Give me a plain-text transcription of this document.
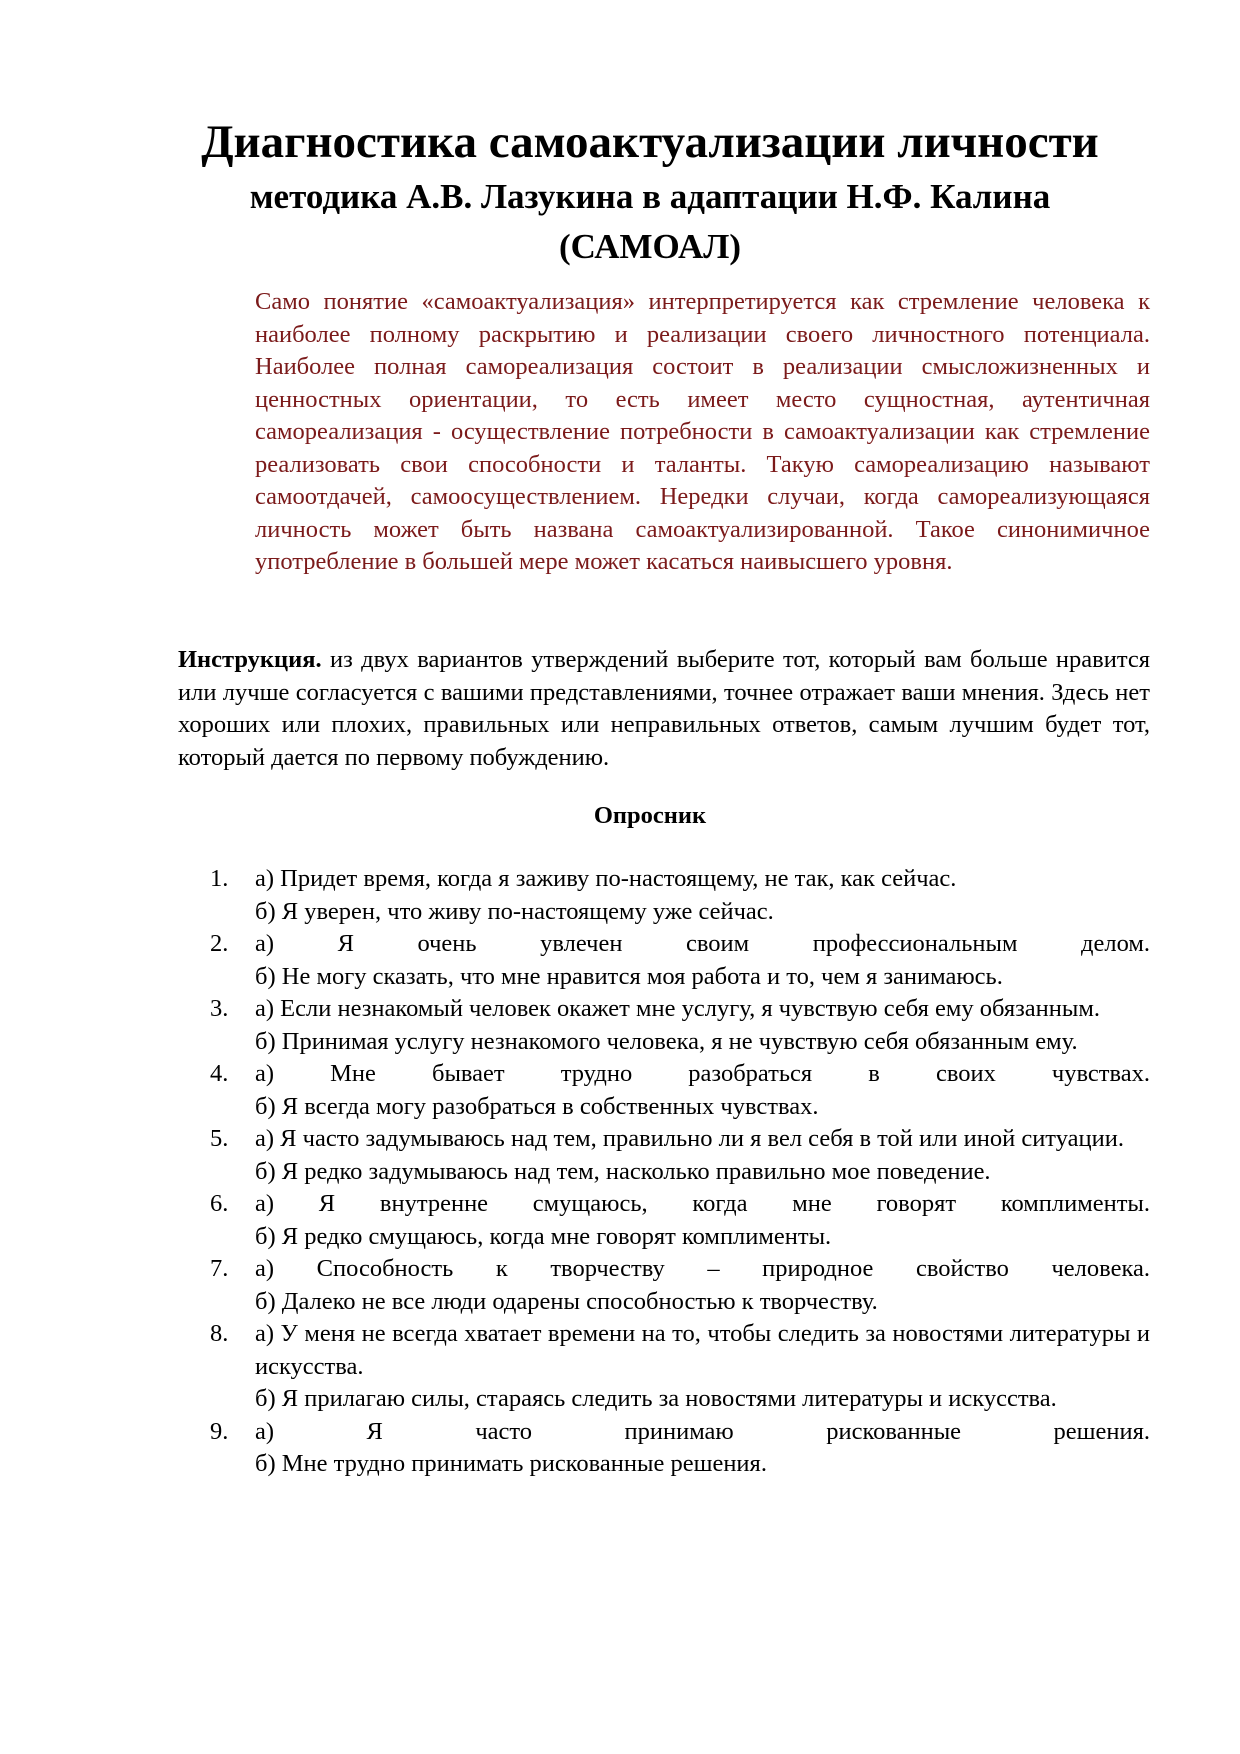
Диагностика самоактуализации личности
методика А.В. Лазукина в адаптации Н.Ф. Калина
(САМОАЛ)

Само понятие «самоактуализация» интерпретируется как стремление человека к наиболее полному раскрытию и реализации своего личностного потенциала. Наиболее полная самореализация состоит в реализации смысложизненных и ценностных ориентации, то есть имеет место сущностная, аутентичная самореализация - осуществление потребности в самоактуализации как стремление реализовать свои способности и таланты. Такую самореализацию называют самоотдачей, самоосуществлением. Нередки случаи, когда самореализующаяся личность может быть названа самоактуализированной. Такое синонимичное употребление в большей мере может касаться наивысшего уровня.

Инструкция. из двух вариантов утверждений выберите тот, который вам больше нравится или лучше согласуется с вашими представлениями, точнее отражает ваши мнения. Здесь нет хороших или плохих, правильных или неправильных ответов, самым лучшим будет тот, который дается по первому побуждению.

Опросник
1.	а) Придет время, когда я заживу по-настоящему, не так, как сейчас.
б) Я уверен, что живу по-настоящему уже сейчас.
2.	а) Я очень увлечен своим профессиональным делом.
б) Не могу сказать, что мне нравится моя работа и то, чем я занимаюсь.
3.	а) Если незнакомый человек окажет мне услугу, я чувствую себя ему обязанным.
б) Принимая услугу незнакомого человека, я не чувствую себя обязанным ему.
4.	а) Мне бывает трудно разобраться в своих чувствах.
б) Я всегда могу разобраться в собственных чувствах.
5.	а) Я часто задумываюсь над тем, правильно ли я вел себя в той или иной ситуации.
б) Я редко задумываюсь над тем, насколько правильно мое поведение.
6.	а) Я внутренне смущаюсь, когда мне говорят комплименты.
б) Я редко смущаюсь, когда мне говорят комплименты.
7.	а) Способность к творчеству – природное свойство человека.
б) Далеко не все люди одарены способностью к творчеству.
8.	а) У меня не всегда хватает времени на то, чтобы следить за новостями литературы и искусства.
б) Я прилагаю силы, стараясь следить за новостями литературы и искусства.
9.	а) Я часто принимаю рискованные решения.
б) Мне трудно принимать рискованные решения.
